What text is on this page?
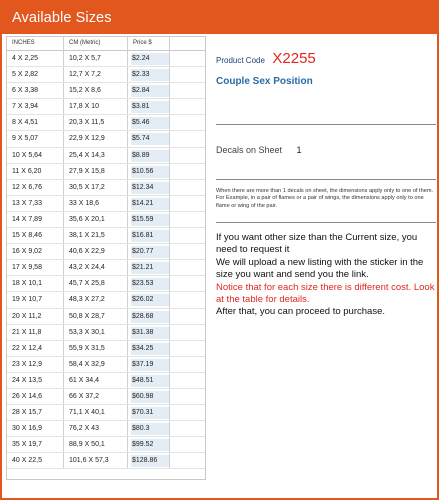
Available Sizes
INCHES	CM (Metric)	Price $
4 X 2,25	10,2 X 5,7	$2.24
5 X 2,82	12,7 X 7,2	$2.33
6 X 3,38	15,2 X 8,6	$2.84
7 X 3,94	17,8 X 10	$3.81
8 X 4,51	20,3 X 11,5	$5.46
9 X 5,07	22,9 X 12,9	$5.74
10 X 5,64	25,4 X 14,3	$8.89
11 X 6,20	27,9 X 15,8	$10.56
12 X 6,76	30,5 X 17,2	$12.34
13 X 7,33	33 X 18,6	$14.21
14 X 7,89	35,6 X 20,1	$15.59
15 X 8,46	38,1 X 21,5	$16.81
16 X 9,02	40,6 X 22,9	$20.77
17 X 9,58	43,2 X 24,4	$21.21
18 X 10,1	45,7 X 25,8	$23.53
19 X 10,7	48,3 X 27,2	$26.02
20 X 11,2	50,8 X 28,7	$28.68
21 X 11,8	53,3 X 30,1	$31.38
22 X 12,4	55,9 X 31,5	$34.25
23 X 12,9	58,4 X 32,9	$37.19
24 X 13,5	61 X 34,4	$48.51
26 X 14,6	66 X 37,2	$60.98
28 X 15,7	71,1 X 40,1	$70.31
30 X 16,9	76,2 X 43	$80.3
35 X 19,7	88,9 X 50,1	$99.52
40 X 22,5	101,6 X 57,3	$128.86
Product Code X2255
Couple Sex Position
Decals on Sheet 1
When there are more than 1 decals on sheet, the dimensions apply only to one of them. For Example, in a pair of flames or a pair of wings, the dimensions apply only to one flame or wing of the pair.
If you want other size than the Current size, you need to request it
We will upload a new listing with the sticker in the size you want and send you the link.
Notice that for each size there is different cost. Look at the table for details.
After that, you can proceed to purchase.
